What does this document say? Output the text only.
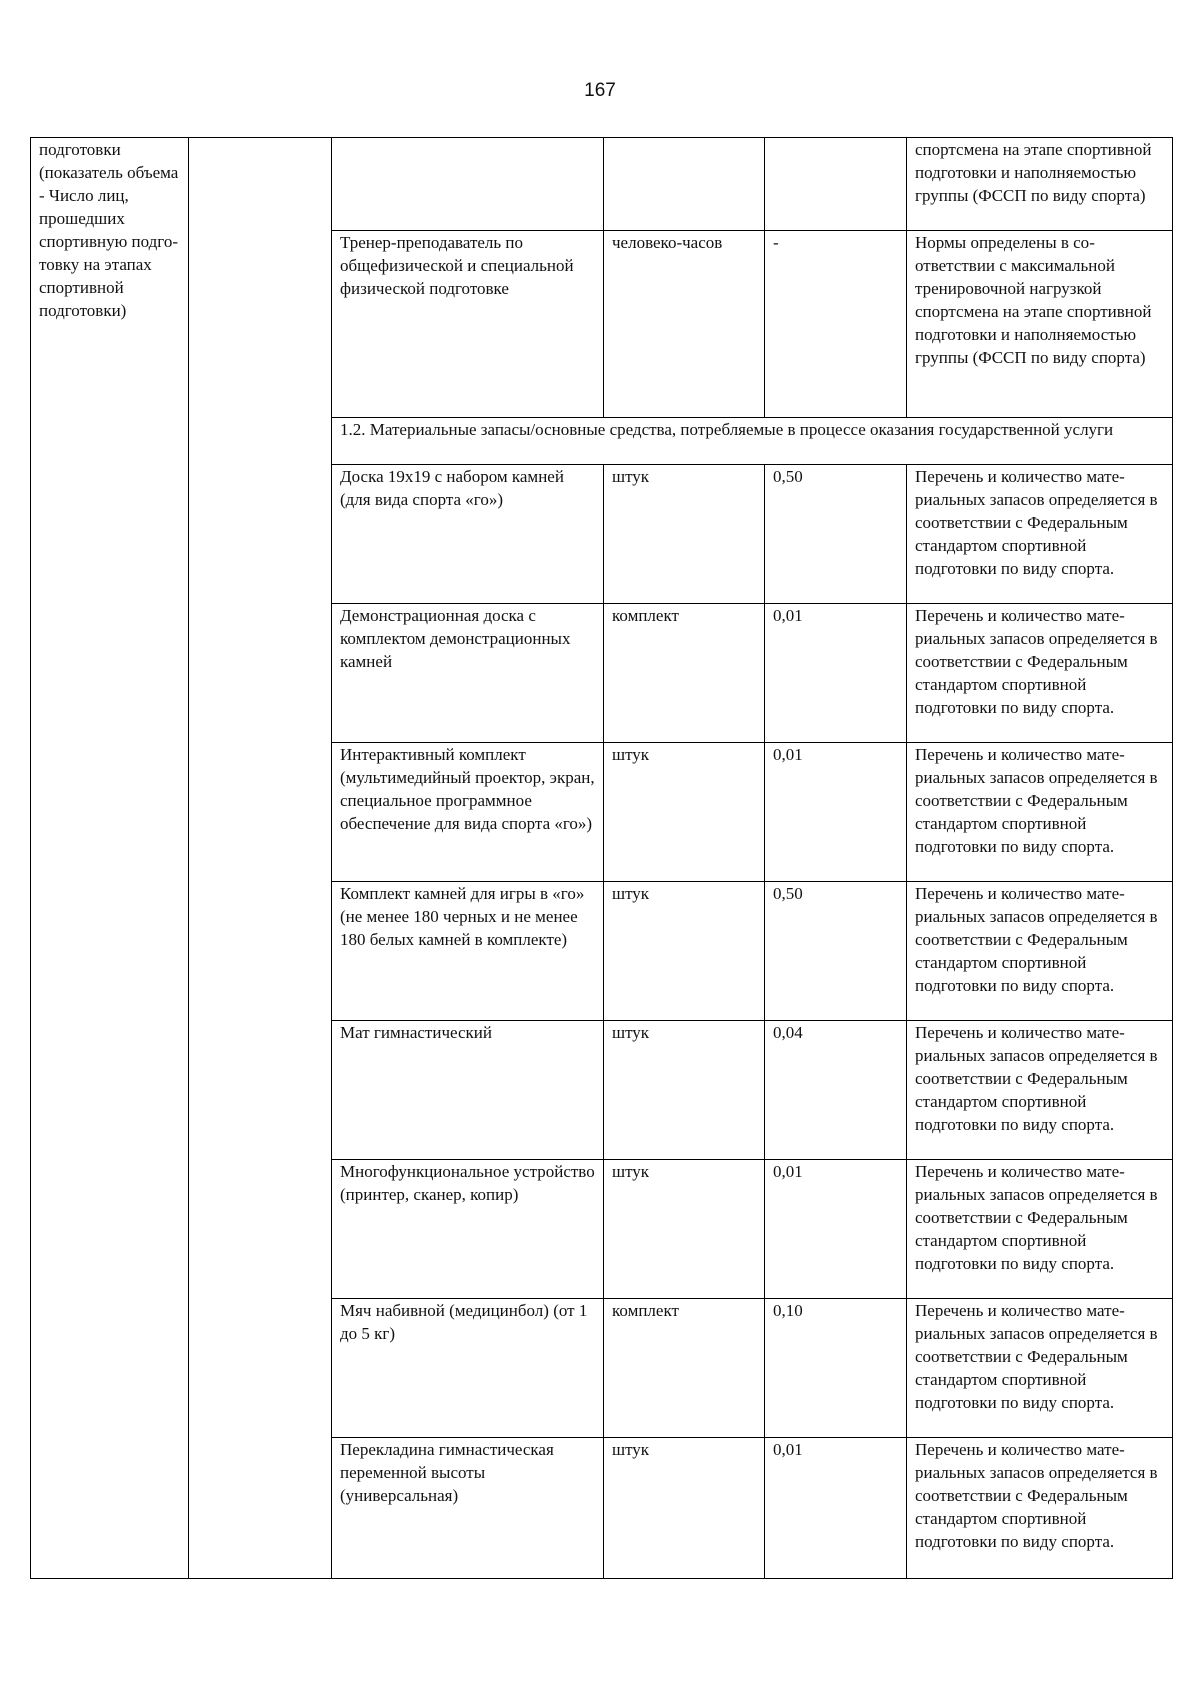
167
подготовки (показатель объема - Число лиц, прошедших спортивную подготовку на этапах спортивной подготовки)					спортсмена на этапе спортивной подготовки и наполняемостью группы (ФССП по виду спорта)
		Тренер-преподаватель по общефизической и специальной физической подготовке	человеко-часов	-	Нормы определены в соответствии с максимальной тренировочной нагрузкой спортсмена на этапе спортивной подготовки и наполняемостью группы (ФССП по виду спорта)
		1.2. Материальные запасы/основные средства, потребляемые в процессе оказания государственной услуги			
		Доска 19x19 с набором камней (для вида спорта «го»)	штук	0,50	Перечень и количество материальных запасов определяется в соответствии с Федеральным стандартом спортивной подготовки по виду спорта.
		Демонстрационная доска с комплектом демонстрационных камней	комплект	0,01	Перечень и количество материальных запасов определяется в соответствии с Федеральным стандартом спортивной подготовки по виду спорта.
		Интерактивный комплект (мультимедийный проектор, экран, специальное программное обеспечение для вида спорта «го»)	штук	0,01	Перечень и количество материальных запасов определяется в соответствии с Федеральным стандартом спортивной подготовки по виду спорта.
		Комплект камней для игры в «го» (не менее 180 черных и не менее 180 белых камней в комплекте)	штук	0,50	Перечень и количество материальных запасов определяется в соответствии с Федеральным стандартом спортивной подготовки по виду спорта.
		Мат гимнастический	штук	0,04	Перечень и количество материальных запасов определяется в соответствии с Федеральным стандартом спортивной подготовки по виду спорта.
		Многофункциональное устройство (принтер, сканер, копир)	штук	0,01	Перечень и количество материальных запасов определяется в соответствии с Федеральным стандартом спортивной подготовки по виду спорта.
		Мяч набивной (медицинбол) (от 1 до 5 кг)	комплект	0,10	Перечень и количество материальных запасов определяется в соответствии с Федеральным стандартом спортивной подготовки по виду спорта.
		Перекладина гимнастическая переменной высоты (универсальная)	штук	0,01	Перечень и количество материальных запасов определяется в соответствии с Федеральным стандартом спортивной подготовки по виду спорта.
